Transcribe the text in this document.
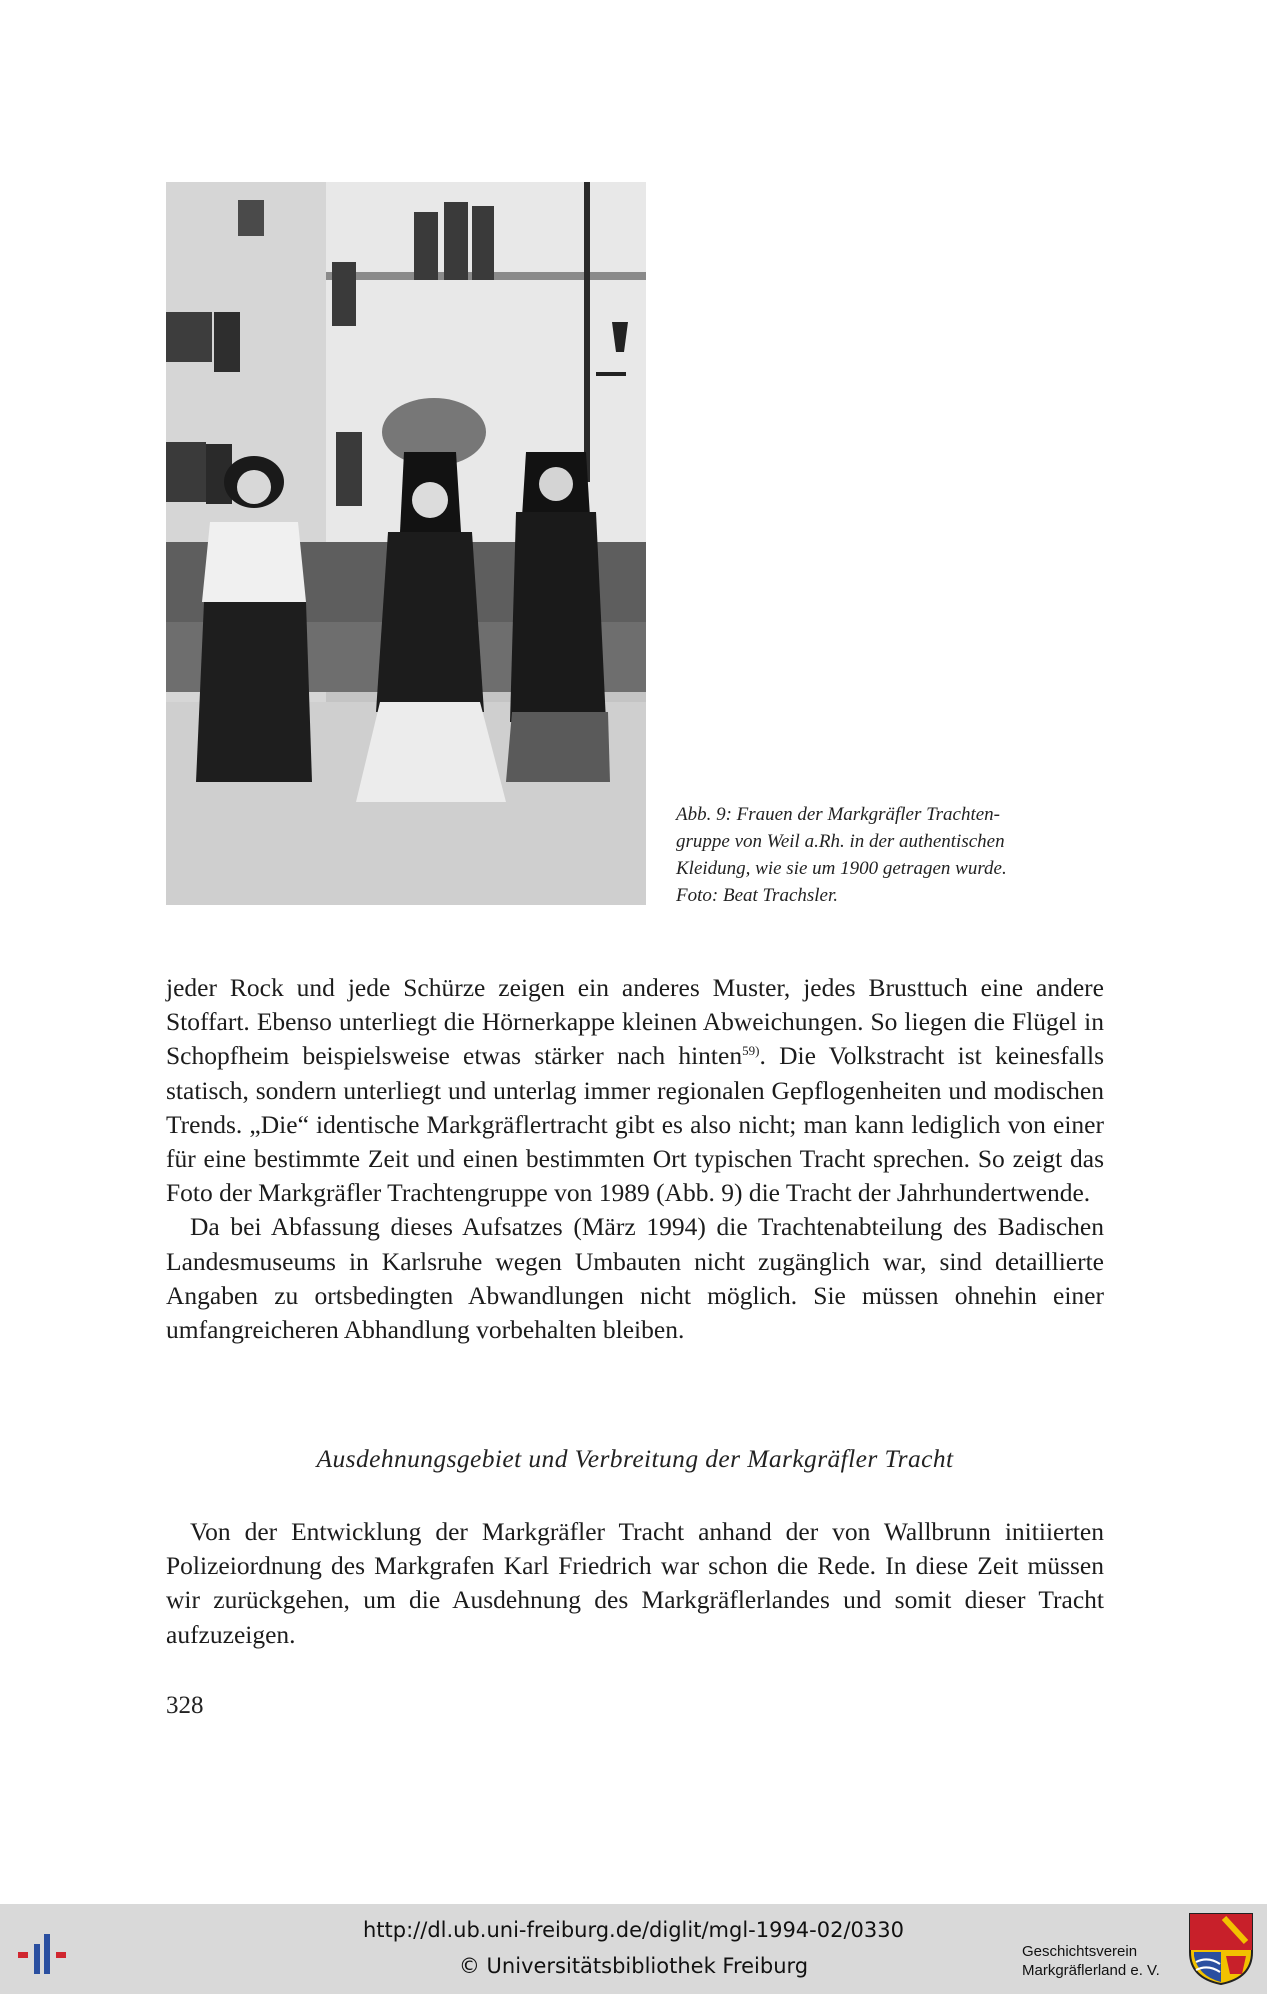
Abb. 9: Frauen der Markgräfler Trachten-
gruppe von Weil a.Rh. in der authentischen
Kleidung, wie sie um 1900 getragen wurde.
Foto: Beat Trachsler.

jeder Rock und jede Schürze zeigen ein anderes Muster, jedes Brusttuch eine andere Stoffart. Ebenso unterliegt die Hörnerkappe kleinen Abweichungen. So liegen die Flügel in Schopfheim beispielsweise etwas stärker nach hinten$^{59)}$. Die Volkstracht ist keinesfalls statisch, sondern unterliegt und unterlag immer regionalen Gepflogenheiten und modischen Trends. „Die“ identische Markgräflertracht gibt es also nicht; man kann lediglich von einer für eine bestimmte Zeit und einen bestimmten Ort typischen Tracht sprechen. So zeigt das Foto der Markgräfler Trachtengruppe von 1989 (Abb. 9) die Tracht der Jahrhundertwende.

Da bei Abfassung dieses Aufsatzes (März 1994) die Trachtenabteilung des Badischen Landesmuseums in Karlsruhe wegen Umbauten nicht zugänglich war, sind detaillierte Angaben zu ortsbedingten Abwandlungen nicht möglich. Sie müssen ohnehin einer umfangreicheren Abhandlung vorbehalten bleiben.

Ausdehnungsgebiet und Verbreitung der Markgräfler Tracht

Von der Entwicklung der Markgräfler Tracht anhand der von Wallbrunn initiierten Polizeiordnung des Markgrafen Karl Friedrich war schon die Rede. In diese Zeit müssen wir zurückgehen, um die Ausdehnung des Markgräflerlandes und somit dieser Tracht aufzuzeigen.

328
http://dl.ub.uni-freiburg.de/diglit/mgl-1994-02/0330
© Universitätsbibliothek Freiburg
Geschichtsverein
Markgräflerland e. V.
